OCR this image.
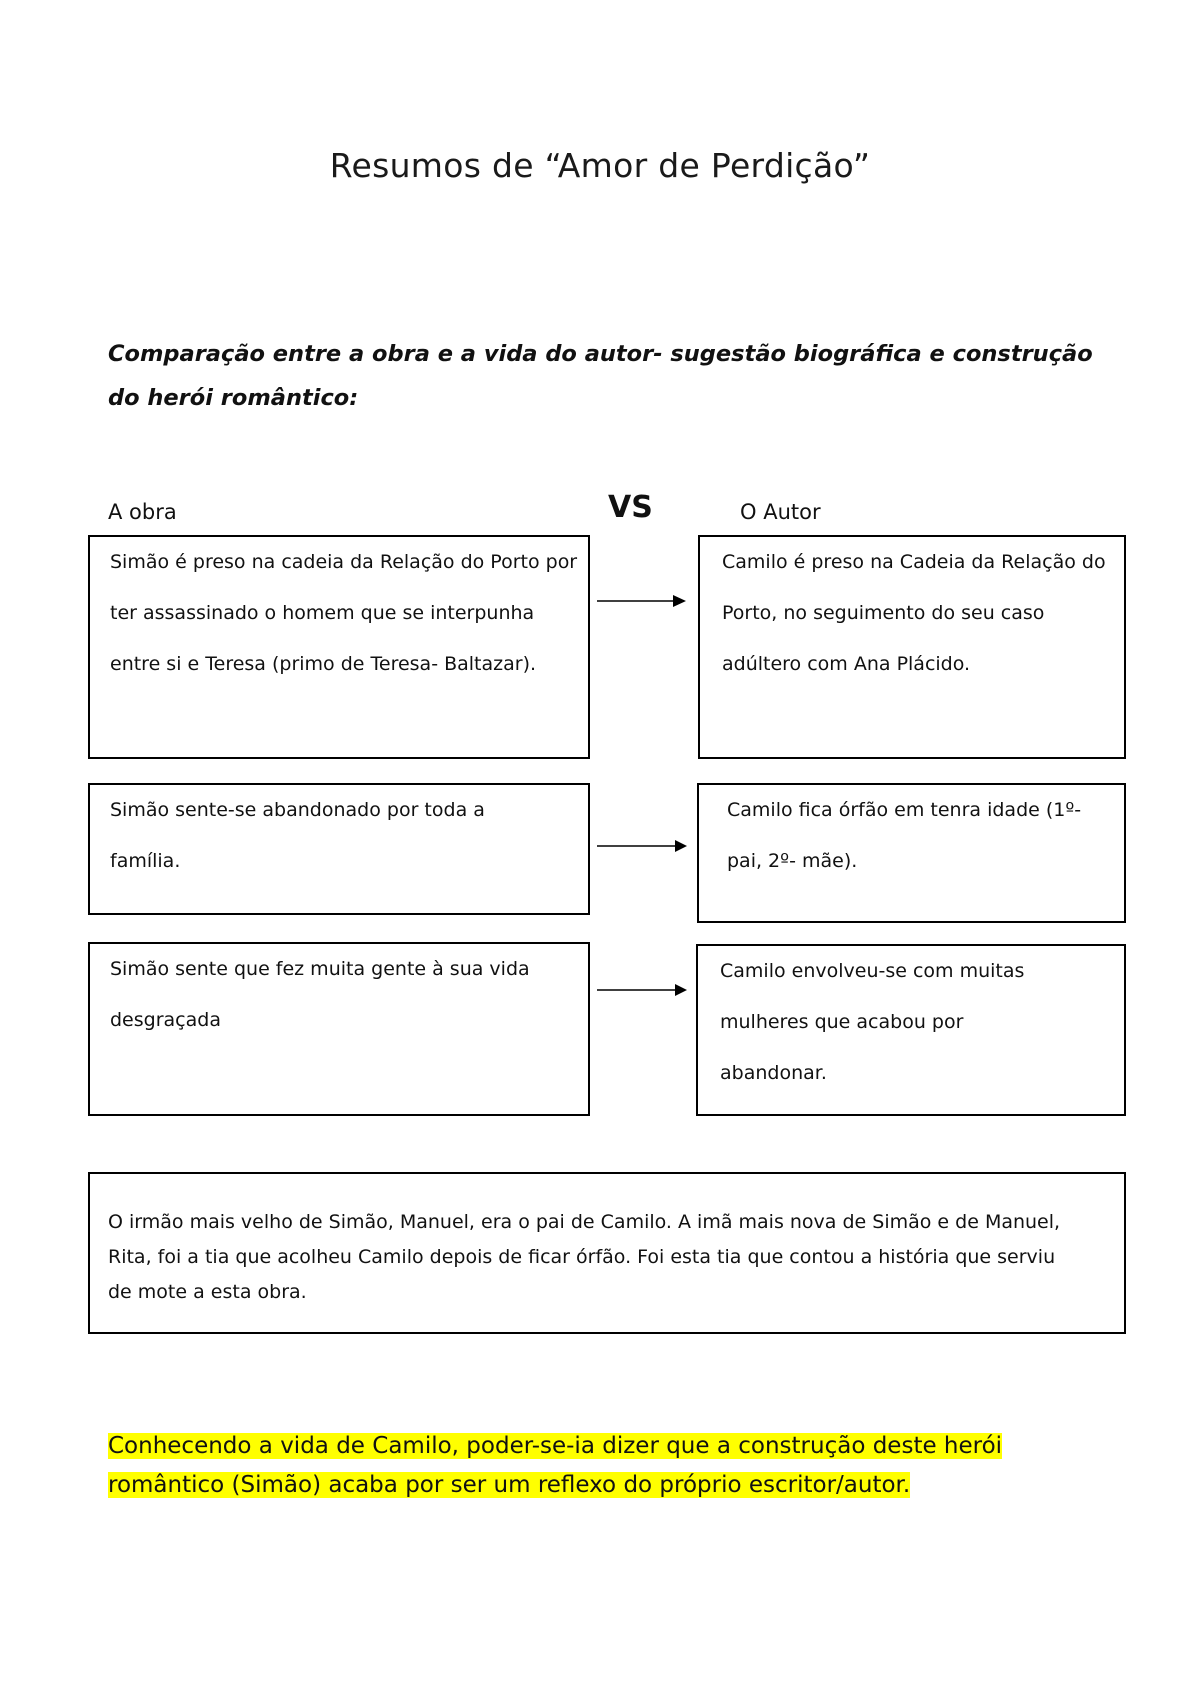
Resumos de “Amor de Perdição”

Comparação entre a obra e a vida do autor- sugestão biográfica e construção do herói romântico:

A obra	VS	O Autor

Simão é preso na cadeia da Relação do Porto por ter assassinado o homem que se interpunha entre si e Teresa (primo de Teresa- Baltazar).

Camilo é preso na Cadeia da Relação do Porto, no seguimento do seu caso adúltero com Ana Plácido.

Simão sente-se abandonado por toda a família.

Camilo fica órfão em tenra idade (1º- pai, 2º- mãe).

Simão sente que fez muita gente à sua vida desgraçada

Camilo envolveu-se com muitas mulheres que acabou por abandonar.

O irmão mais velho de Simão, Manuel, era o pai de Camilo. A imã mais nova de Simão e de Manuel, Rita, foi a tia que acolheu Camilo depois de ficar órfão. Foi esta tia que contou a história que serviu de mote a esta obra.

Conhecendo a vida de Camilo, poder-se-ia dizer que a construção deste herói romântico (Simão) acaba por ser um reflexo do próprio escritor/autor.
